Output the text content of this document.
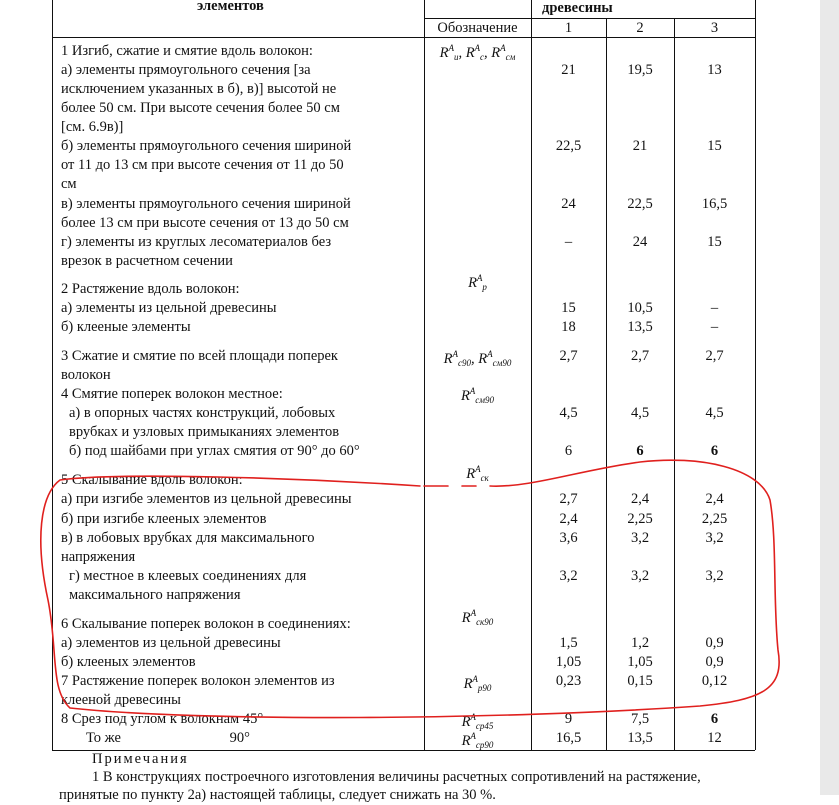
элементов	древесины
Обозначение	1	2	3
1 Изгиб, сжатие и смятие вдоль волокон:	$R^А_и$, $R^А_с$, $R^А_{см}$
а) элементы прямоугольного сечения [за
исключением указанных в б), в)] высотой не
более 50 см. При высоте сечения более 50 см
[см. 6.9в)]
21	19,5	13
б) элементы прямоугольного сечения шириной
от 11 до 13 см при высоте сечения от 11 до 50
см
22,5	21	15
в) элементы прямоугольного сечения шириной
более 13 см при высоте сечения от 13 до 50 см
24	22,5	16,5
г) элементы из круглых лесоматериалов без
врезок в расчетном сечении
–	24	15
2 Растяжение вдоль волокон:	$R^А_р$
а) элементы из цельной древесины	15	10,5	–
б) клееные элементы	18	13,5	–
3 Сжатие и смятие по всей площади поперек
волокон
$R^А_{с90}$, $R^А_{см90}$	2,7	2,7	2,7
4 Смятие поперек волокон местное:	$R^А_{см90}$
а) в опорных частях конструкций, лобовых
врубках и узловых примыканиях элементов
4,5	4,5	4,5
б) под шайбами при углах смятия от 90° до 60°	6	6	6
5 Скалывание вдоль волокон:	$R^А_{ск}$
а) при изгибе элементов из цельной древесины	2,7	2,4	2,4
б) при изгибе клееных элементов	2,4	2,25	2,25
в) в лобовых врубках для максимального
напряжения
3,6	3,2	3,2
г) местное в клеевых соединениях для
максимального напряжения
3,2	3,2	3,2
6 Скалывание поперек волокон в соединениях:	$R^А_{ск90}$
а) элементов из цельной древесины	1,5	1,2	0,9
б) клееных элементов	1,05	1,05	0,9
7 Растяжение поперек волокон элементов из
клееной древесины
$R^А_{р90}$	0,23	0,15	0,12
8 Срез под углом к волокнам 45°	$R^А_{ср45}$	9	7,5	6
То же                              90°	$R^А_{ср90}$	16,5	13,5	12
Примечания
1 В конструкциях построечного изготовления величины расчетных сопротивлений на растяжение,
принятые по пункту 2а) настоящей таблицы, следует снижать на 30 %.
